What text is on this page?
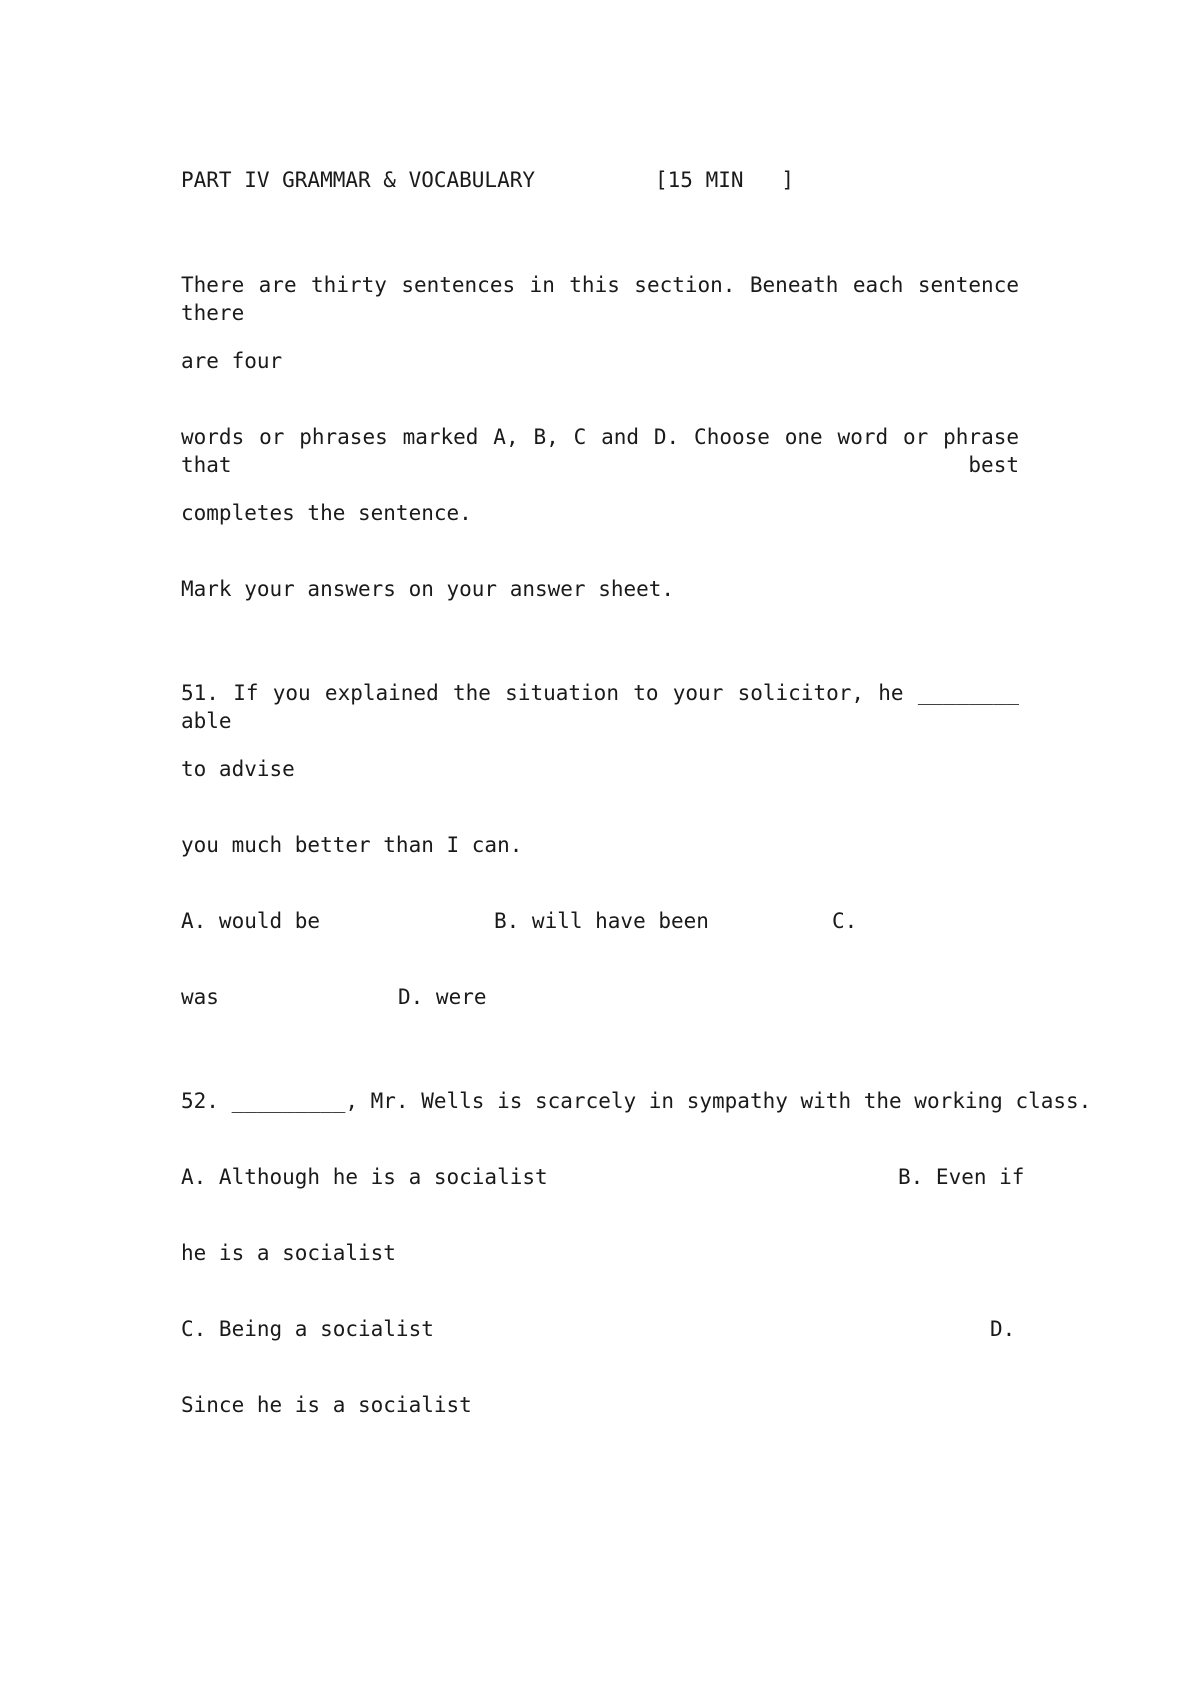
PART IV GRAMMAR & VOCABULARY	[15 MIN   ]
There are thirty sentences in this section. Beneath each sentence there
are four
words or phrases marked A, B, C and D. Choose one word or phrase that best
completes the sentence.
Mark your answers on your answer sheet.
51. If you explained the situation to your solicitor, he ________ able
to advise
you much better than I can.
A. would be	B. will have been	C.
was	D. were
52. _________, Mr. Wells is scarcely in sympathy with the working class.
A. Although he is a socialist	B. Even if
he is a socialist
C. Being a socialist	D.
Since he is a socialist
